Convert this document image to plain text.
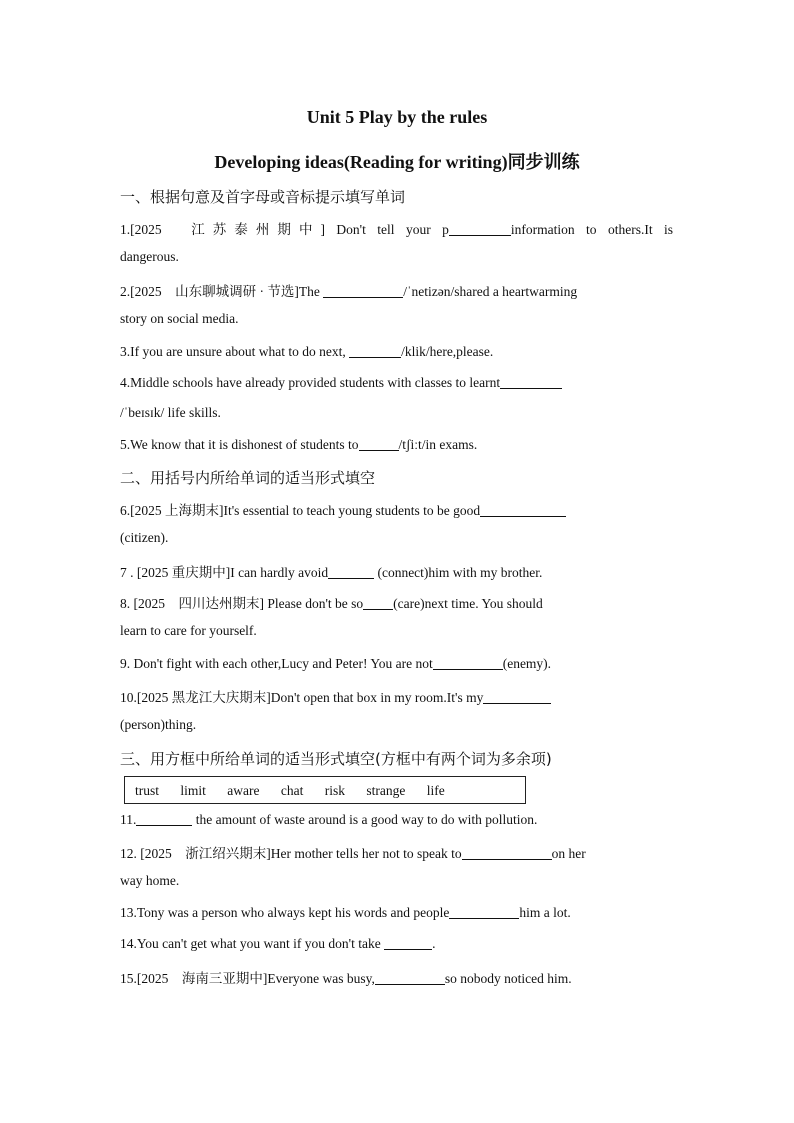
Unit 5 Play by the rules
Developing ideas(Reading for writing)同步训练
一、根据句意及首字母或音标提示填写单词
1.[2025　江苏泰州期中] Don't tell your p	information to others.It is
dangerous.
2.[2025　山东聊城调研 · 节选]The	/ˈnetizən/shared a heartwarming
story on social media.
3.If you are unsure about what to do next,	/klik/here,please.
4.Middle schools have already provided students with classes to learnt
/ˈbeɪsɪk/ life skills.
5.We know that it is dishonest of students to	/tʃiːt/in exams.
二、用括号内所给单词的适当形式填空
6.[2025 上海期末]It's essential to teach young students to be good
(citizen).
7 . [2025 重庆期中]I can hardly avoid	(connect)him with my brother.
8. [2025　四川达州期末] Please don't be so (care)next time. You should
learn to care for yourself.
9. Don't fight with each other,Lucy and Peter! You are not	(enemy).
10.[2025 黑龙江大庆期末]Don't open that box in my room.It's my
(person)thing.
三、用方框中所给单词的适当形式填空(方框中有两个词为多余项)
trust limit aware chat risk strange life
11.	the amount of waste around is a good way to do with pollution.
12. [2025　浙江绍兴期末]Her mother tells her not to speak to	on her
way home.
13.Tony was a person who always kept his words and people	him a lot.
14.You can't get what you want if you don't take	.
15.[2025　海南三亚期中]Everyone was busy,	so nobody noticed him.
